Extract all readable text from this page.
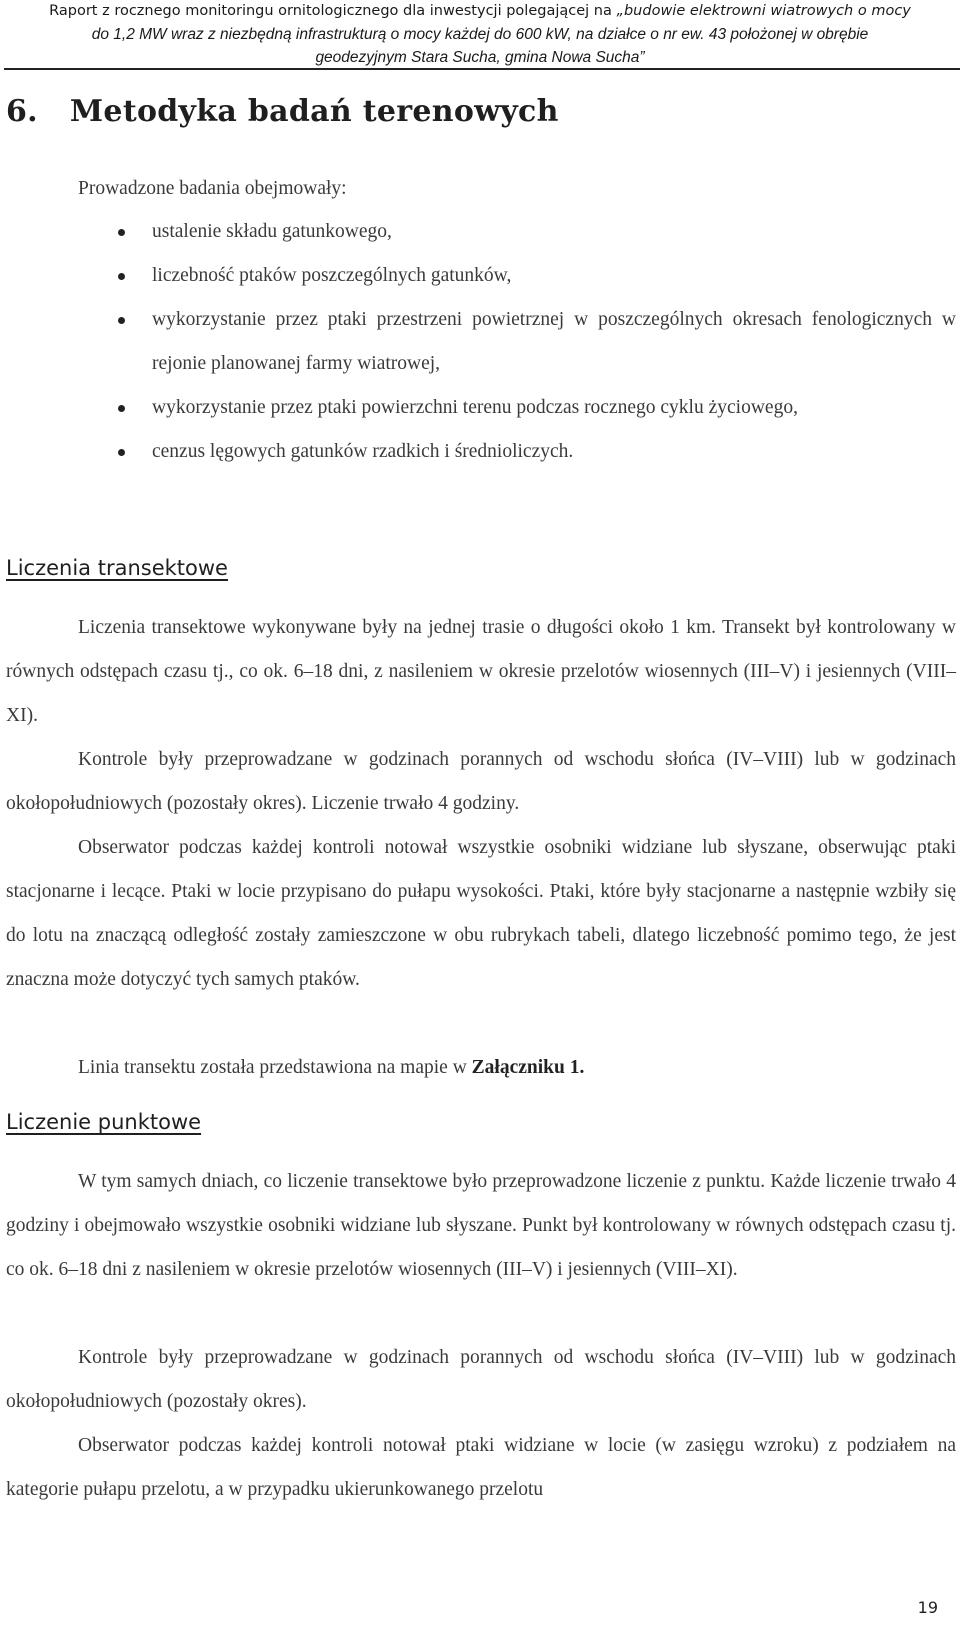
Raport z rocznego monitoringu ornitologicznego dla inwestycji polegającej na „budowie elektrowni wiatrowych o mocy
do 1,2 MW wraz z niezbędną infrastrukturą o mocy każdej do 600 kW, na działce o nr ew. 43 położonej w obrębie
geodezyjnym Stara Sucha, gmina Nowa Sucha”
6. Metodyka badań terenowych
Prowadzone badania obejmowały:
ustalenie składu gatunkowego,
liczebność ptaków poszczególnych gatunków,
wykorzystanie przez ptaki przestrzeni powietrznej w poszczególnych okresach fenologicznych w rejonie planowanej farmy wiatrowej,
wykorzystanie przez ptaki powierzchni terenu podczas rocznego cyklu życiowego,
cenzus lęgowych gatunków rzadkich i średnioliczych.
Liczenia transektowe
Liczenia transektowe wykonywane były na jednej trasie o długości około 1 km. Transekt był kontrolowany w równych odstępach czasu tj., co ok. 6–18 dni, z nasileniem w okresie przelotów wiosennych (III–V) i jesiennych (VIII–XI).
Kontrole były przeprowadzane w godzinach porannych od wschodu słońca (IV–VIII) lub w godzinach okołopołudniowych (pozostały okres). Liczenie trwało 4 godziny.
Obserwator podczas każdej kontroli notował wszystkie osobniki widziane lub słyszane, obserwując ptaki stacjonarne i lecące. Ptaki w locie przypisano do pułapu wysokości. Ptaki, które były stacjonarne a następnie wzbiły się do lotu na znaczącą odległość zostały zamieszczone w obu rubrykach tabeli, dlatego liczebność pomimo tego, że jest znaczna może dotyczyć tych samych ptaków.
Linia transektu została przedstawiona na mapie w Załączniku 1.
Liczenie punktowe
W tym samych dniach, co liczenie transektowe było przeprowadzone liczenie z punktu. Każde liczenie trwało 4 godziny i obejmowało wszystkie osobniki widziane lub słyszane. Punkt był kontrolowany w równych odstępach czasu tj. co ok. 6–18 dni z nasileniem w okresie przelotów wiosennych (III–V) i jesiennych (VIII–XI).
Kontrole były przeprowadzane w godzinach porannych od wschodu słońca (IV–VIII) lub w godzinach okołopołudniowych (pozostały okres).
Obserwator podczas każdej kontroli notował ptaki widziane w locie (w zasięgu wzroku) z podziałem na kategorie pułapu przelotu, a w przypadku ukierunkowanego przelotu
19
